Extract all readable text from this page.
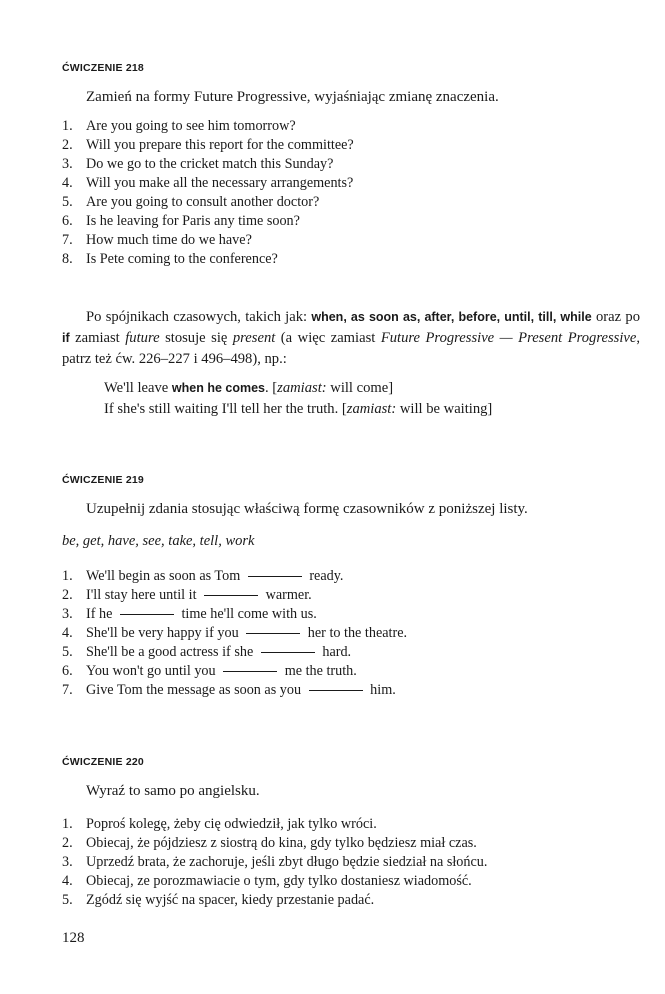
ĆWICZENIE 218
Zamień na formy Future Progressive, wyjaśniając zmianę znaczenia.
1. Are you going to see him tomorrow?
2. Will you prepare this report for the committee?
3. Do we go to the cricket match this Sunday?
4. Will you make all the necessary arrangements?
5. Are you going to consult another doctor?
6. Is he leaving for Paris any time soon?
7. How much time do we have?
8. Is Pete coming to the conference?
Po spójnikach czasowych, takich jak: when, as soon as, after, before, until, till, while oraz po if zamiast future stosuje się present (a więc zamiast Future Progressive — Present Progressive, patrz też ćw. 226–227 i 496–498), np.:
We'll leave when he comes. [zamiast: will come]
If she's still waiting I'll tell her the truth. [zamiast: will be waiting]
ĆWICZENIE 219
Uzupełnij zdania stosując właściwą formę czasowników z poniższej listy.
be, get, have, see, take, tell, work
1. We'll begin as soon as Tom	ready.
2. I'll stay here until it	warmer.
3. If he	time he'll come with us.
4. She'll be very happy if you	her to the theatre.
5. She'll be a good actress if she	hard.
6. You won't go until you	me the truth.
7. Give Tom the message as soon as you	him.
ĆWICZENIE 220
Wyraź to samo po angielsku.
1. Poproś kolegę, żeby cię odwiedził, jak tylko wróci.
2. Obiecaj, że pójdziesz z siostrą do kina, gdy tylko będziesz miał czas.
3. Uprzedź brata, że zachoruje, jeśli zbyt długo będzie siedział na słońcu.
4. Obiecaj, ze porozmawiacie o tym, gdy tylko dostaniesz wiadomość.
5. Zgódź się wyjść na spacer, kiedy przestanie padać.
128
